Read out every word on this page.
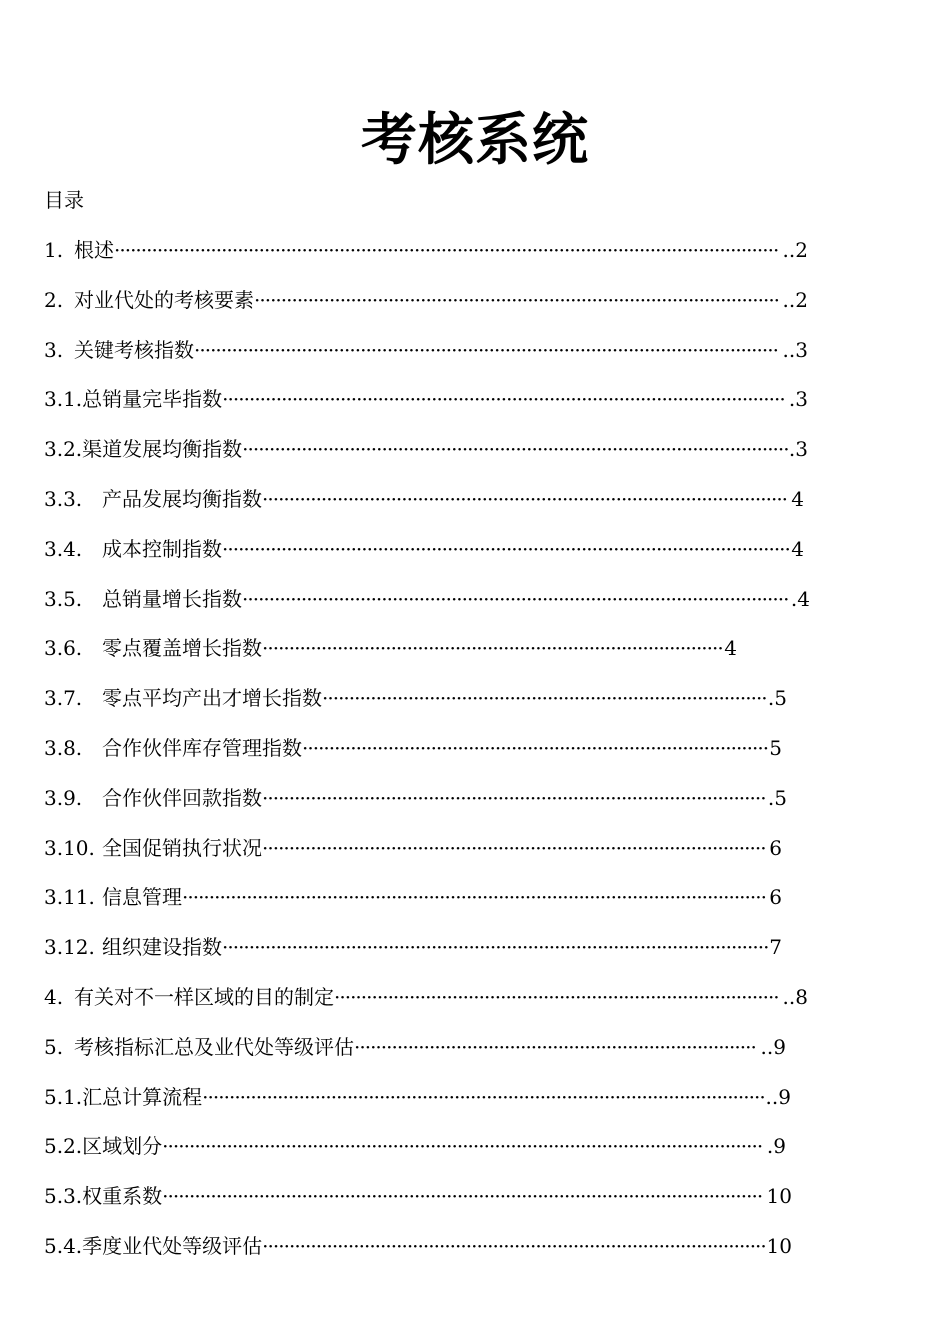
考核系统
目录
1. 根述 ···························································································································· ..2
2. 对业代处的考核要素 ·································································································· ..2
3. 关键考核指数 ············································································································· ..3
3.1. 总销量完毕指数 ········································································································· .3
3.2. 渠道发展均衡指数 ······································································································ .3
3.3. 产品发展均衡指数 ·································································································· 4
3.4. 成本控制指数 ·········································································································· 4
3.5. 总销量增长指数 ······································································································ .4
3.6. 零点覆盖增长指数 ······················································································ 4
3.7. 零点平均产出才增长指数 ··················································································· .5
3.8. 合作伙伴库存管理指数 ······················································································· 5
3.9. 合作伙伴回款指数 ······························································································ .5
3.10. 全国促销执行状况 ······························································································ 6
3.11. 信息管理 ············································································································· 6
3.12. 组织建设指数 ······································································································ 7
4. 有关对不一样区域的目的制定 ··················································································· ..8
5. 考核指标汇总及业代处等级评估 ··········································································· ..9
5.1. 汇总计算流程 ········································································································· ..9
5.2. 区域划分 ················································································································ .9
5.3. 权重系数 ················································································································ 10
5.4. 季度业代处等级评估 ······························································································ 10
